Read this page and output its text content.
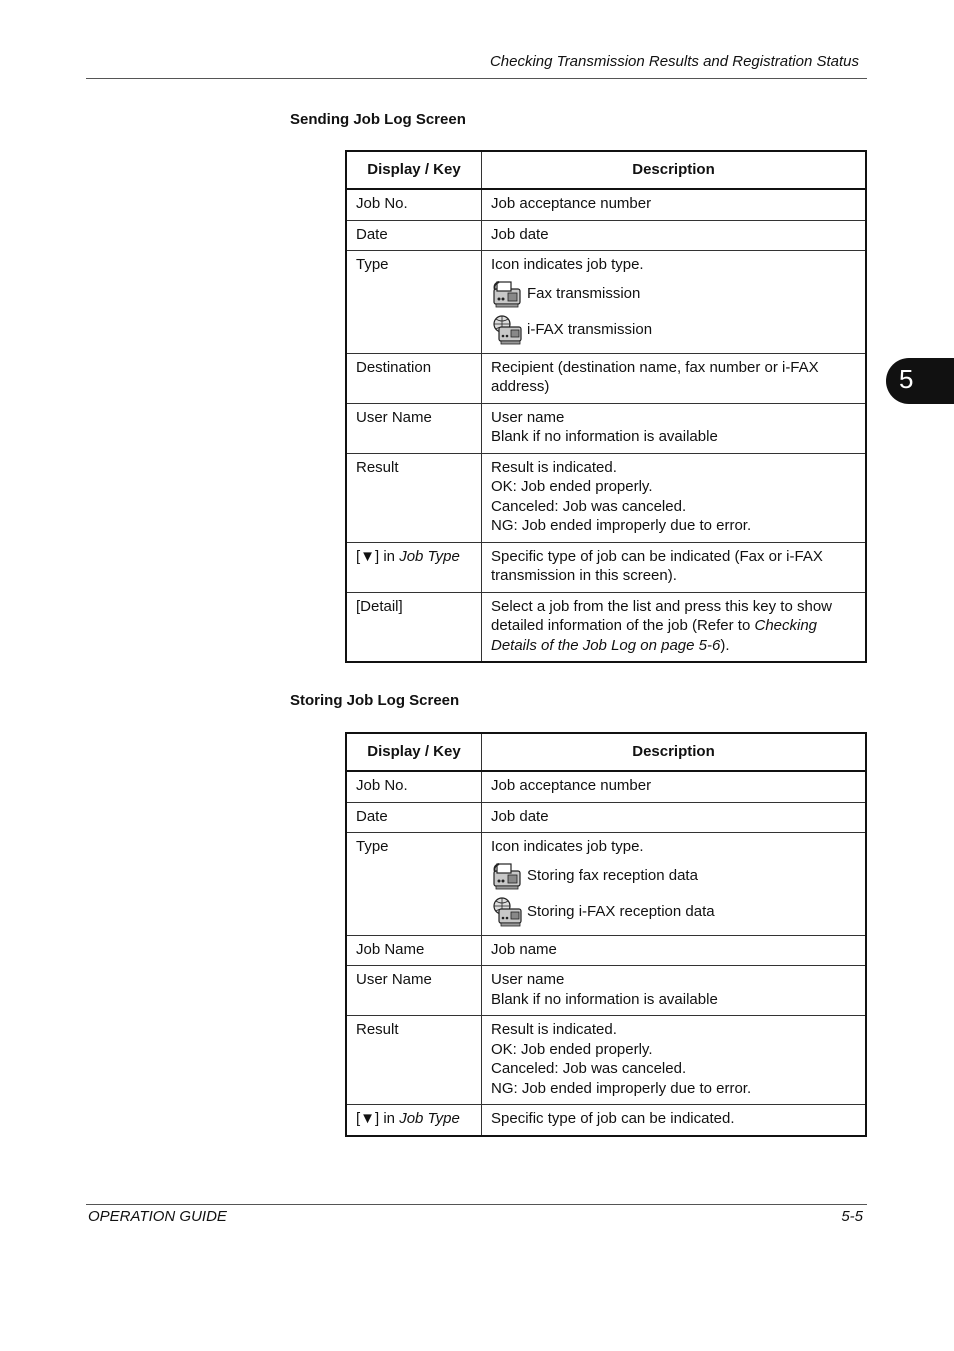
Checking Transmission Results and Registration Status
5
Sending Job Log Screen
Display / Key	Description
Job No.	Job acceptance number
Date	Job date
Type	Icon indicates job type.
Fax transmission
i-FAX transmission

Destination	Recipient (destination name, fax number or i-FAX address)
User Name	User name
Blank if no information is available

Result	Result is indicated.
OK: Job ended properly.
Canceled: Job was canceled.
NG: Job ended improperly due to error.

[▼] in Job Type	Specific type of job can be indicated (Fax or i-FAX transmission in this screen).
[Detail]	Select a job from the list and press this key to show detailed information of the job (Refer to Checking Details of the Job Log on page 5-6).
Storing Job Log Screen
Display / Key	Description
Job No.	Job acceptance number
Date	Job date
Type	Icon indicates job type.
Storing fax reception data
Storing i-FAX reception data

Job Name	Job name
User Name	User name
Blank if no information is available

Result	Result is indicated.
OK: Job ended properly.
Canceled: Job was canceled.
NG: Job ended improperly due to error.

[▼] in Job Type	Specific type of job can be indicated.
OPERATION GUIDE	5-5
